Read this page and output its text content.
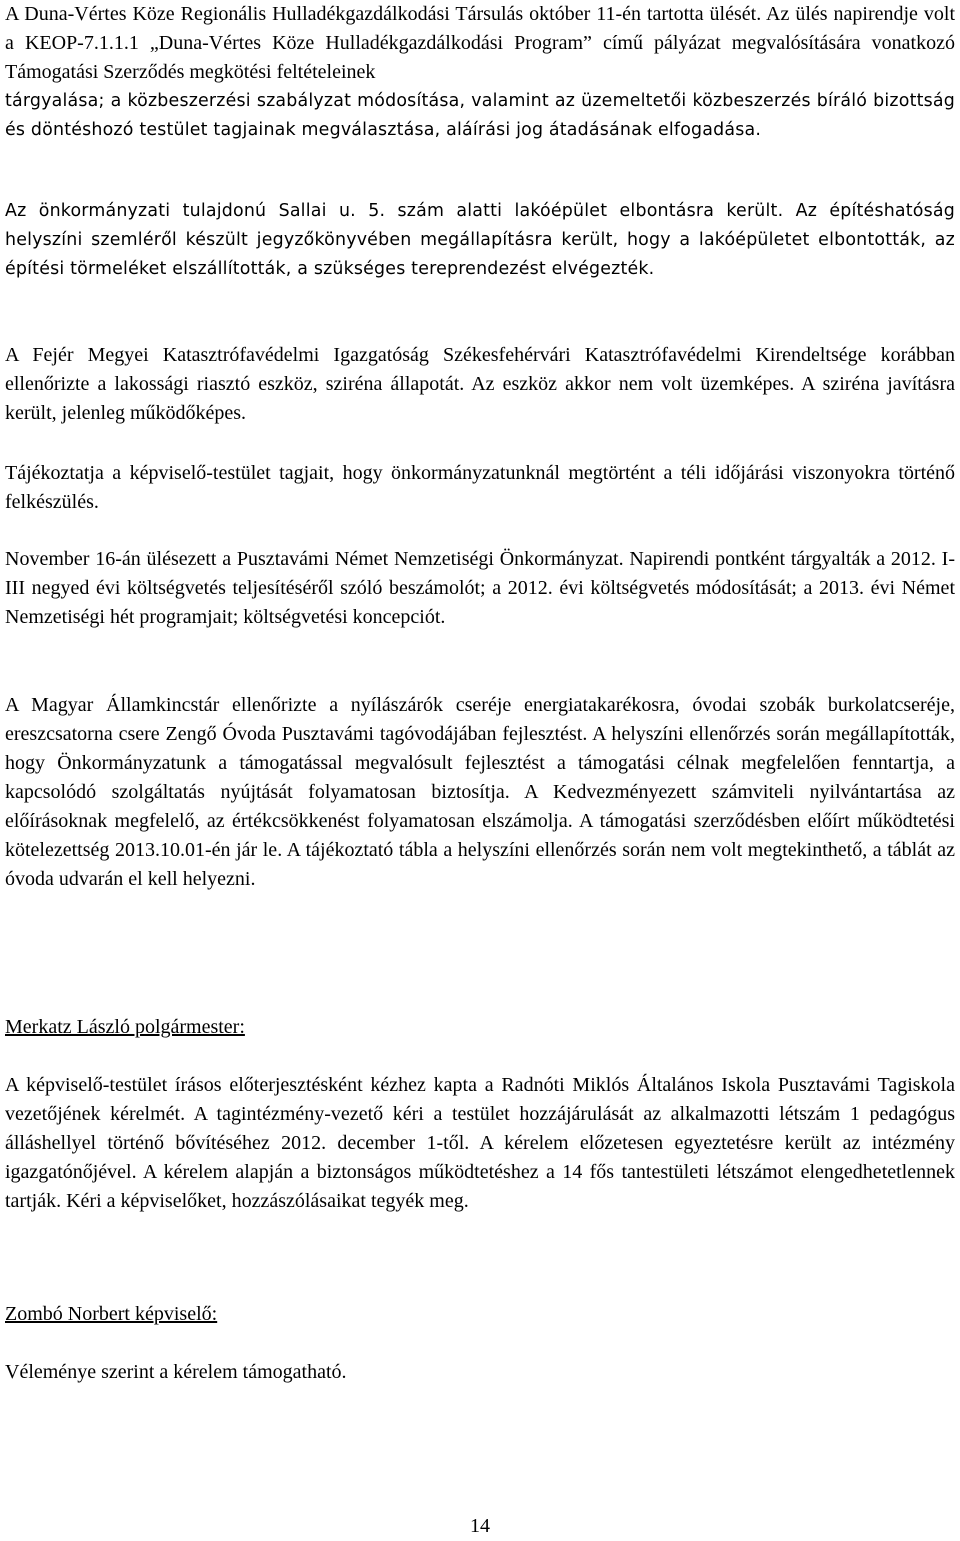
A Duna-Vértes Köze Regionális Hulladékgazdálkodási Társulás október 11-én tartotta ülését. Az ülés napirendje volt a KEOP-7.1.1.1 „Duna-Vértes Köze Hulladékgazdálkodási Program” című pályázat megvalósítására vonatkozó Támogatási Szerződés megkötési feltételeinek

tárgyalása; a közbeszerzési szabályzat módosítása, valamint az üzemeltetői közbeszerzés bíráló bizottság és döntéshozó testület tagjainak megválasztása, aláírási jog átadásának elfogadása.

Az önkormányzati tulajdonú Sallai u. 5. szám alatti lakóépület elbontásra került. Az építéshatóság helyszíni szemléről készült jegyzőkönyvében megállapításra került, hogy a lakóépületet elbontották, az építési törmeléket elszállították, a szükséges tereprendezést elvégezték.

A Fejér Megyei Katasztrófavédelmi Igazgatóság Székesfehérvári Katasztrófavédelmi Kirendeltsége korábban ellenőrizte a lakossági riasztó eszköz, sziréna állapotát. Az eszköz akkor nem volt üzemképes. A sziréna javításra került, jelenleg működőképes.

Tájékoztatja a képviselő-testület tagjait, hogy önkormányzatunknál megtörtént a téli időjárási viszonyokra történő felkészülés.

November 16-án ülésezett a Pusztavámi Német Nemzetiségi Önkormányzat. Napirendi pontként tárgyalták a 2012. I-III negyed évi költségvetés teljesítéséről szóló beszámolót; a 2012. évi költségvetés módosítását; a 2013. évi Német Nemzetiségi hét programjait; költségvetési koncepciót.

A Magyar Államkincstár ellenőrizte a nyílászárók cseréje energiatakarékosra, óvodai szobák burkolatcseréje, ereszcsatorna csere Zengő Óvoda Pusztavámi tagóvodájában fejlesztést. A helyszíni ellenőrzés során megállapították, hogy Önkormányzatunk a támogatással megvalósult fejlesztést a támogatási célnak megfelelően fenntartja, a kapcsolódó szolgáltatás nyújtását folyamatosan biztosítja. A Kedvezményezett számviteli nyilvántartása az előírásoknak megfelelő, az értékcsökkenést folyamatosan elszámolja. A támogatási szerződésben előírt működtetési kötelezettség 2013.10.01-én jár le. A tájékoztató tábla a helyszíni ellenőrzés során nem volt megtekinthető, a táblát az óvoda udvarán el kell helyezni.

Merkatz László polgármester:

A képviselő-testület írásos előterjesztésként kézhez kapta a Radnóti Miklós Általános Iskola Pusztavámi Tagiskola vezetőjének kérelmét. A tagintézmény-vezető kéri a testület hozzájárulását az alkalmazotti létszám 1 pedagógus álláshellyel történő bővítéséhez 2012. december 1-től. A kérelem előzetesen egyeztetésre került az intézmény igazgatónőjével. A kérelem alapján a biztonságos működtetéshez a 14 fős tantestületi létszámot elengedhetetlennek tartják. Kéri a képviselőket, hozzászólásaikat tegyék meg.

Zombó Norbert képviselő:

Véleménye szerint a kérelem támogatható.

14
